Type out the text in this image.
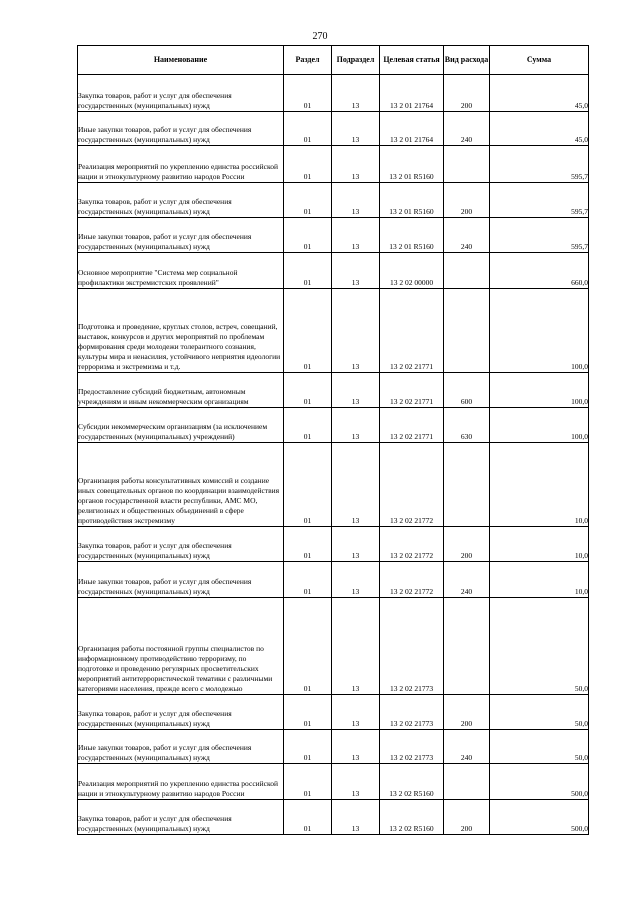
270
Наименование	Раздел	Подраздел	Целевая статья	Вид расхода	Сумма

Закупка товаров, работ и услуг для обеспечения государственных (муниципальных) нужд	01	13	13 2 01 21764	200	45,0

Иные закупки товаров, работ и услуг для обеспечения государственных (муниципальных) нужд	01	13	13 2 01 21764	240	45,0

Реализация мероприятий по укреплению единства российской нации и этнокультурному развитию народов России	01	13	13 2 01 R5160		595,7

Закупка товаров, работ и услуг для обеспечения государственных (муниципальных) нужд	01	13	13 2 01 R5160	200	595,7

Иные закупки товаров, работ и услуг для обеспечения государственных (муниципальных) нужд	01	13	13 2 01 R5160	240	595,7

Основное мероприятие "Система мер социальной профилактики экстремистских проявлений"	01	13	13 2 02 00000		660,0

Подготовка и проведение, круглых столов, встреч, совещаний, выставок, конкурсов и других мероприятий по проблемам формирования среди молодежи толерантного сознания, культуры мира и ненасилия, устойчивого неприятия идеологии терроризма и экстремизма и т.д.	01	13	13 2 02 21771		100,0

Предоставление субсидий бюджетным, автономным учреждениям и иным некоммерческим организациям	01	13	13 2 02 21771	600	100,0

Субсидии некоммерческим организациям (за исключением государственных (муниципальных) учреждений)	01	13	13 2 02 21771	630	100,0

Организация работы консультативных комиссий и создание иных совещательных органов по координации взаимодействия органов государственной власти республики, АМС МО, религиозных и общественных объединений в сфере противодействия экстремизму	01	13	13 2 02 21772		10,0

Закупка товаров, работ и услуг для обеспечения государственных (муниципальных) нужд	01	13	13 2 02 21772	200	10,0

Иные закупки товаров, работ и услуг для обеспечения государственных (муниципальных) нужд	01	13	13 2 02 21772	240	10,0

Организация работы постоянной группы специалистов по информационному противодействию терроризму, по подготовке и проведению регулярных просветительских мероприятий антитеррористической тематики с различными категориями населения, прежде всего с молодежью	01	13	13 2 02 21773		50,0

Закупка товаров, работ и услуг для обеспечения государственных (муниципальных) нужд	01	13	13 2 02 21773	200	50,0

Иные закупки товаров, работ и услуг для обеспечения государственных (муниципальных) нужд	01	13	13 2 02 21773	240	50,0

Реализация мероприятий по укреплению единства российской нации и этнокультурному развитию народов России	01	13	13 2 02 R5160		500,0

Закупка товаров, работ и услуг для обеспечения государственных (муниципальных) нужд	01	13	13 2 02 R5160	200	500,0
